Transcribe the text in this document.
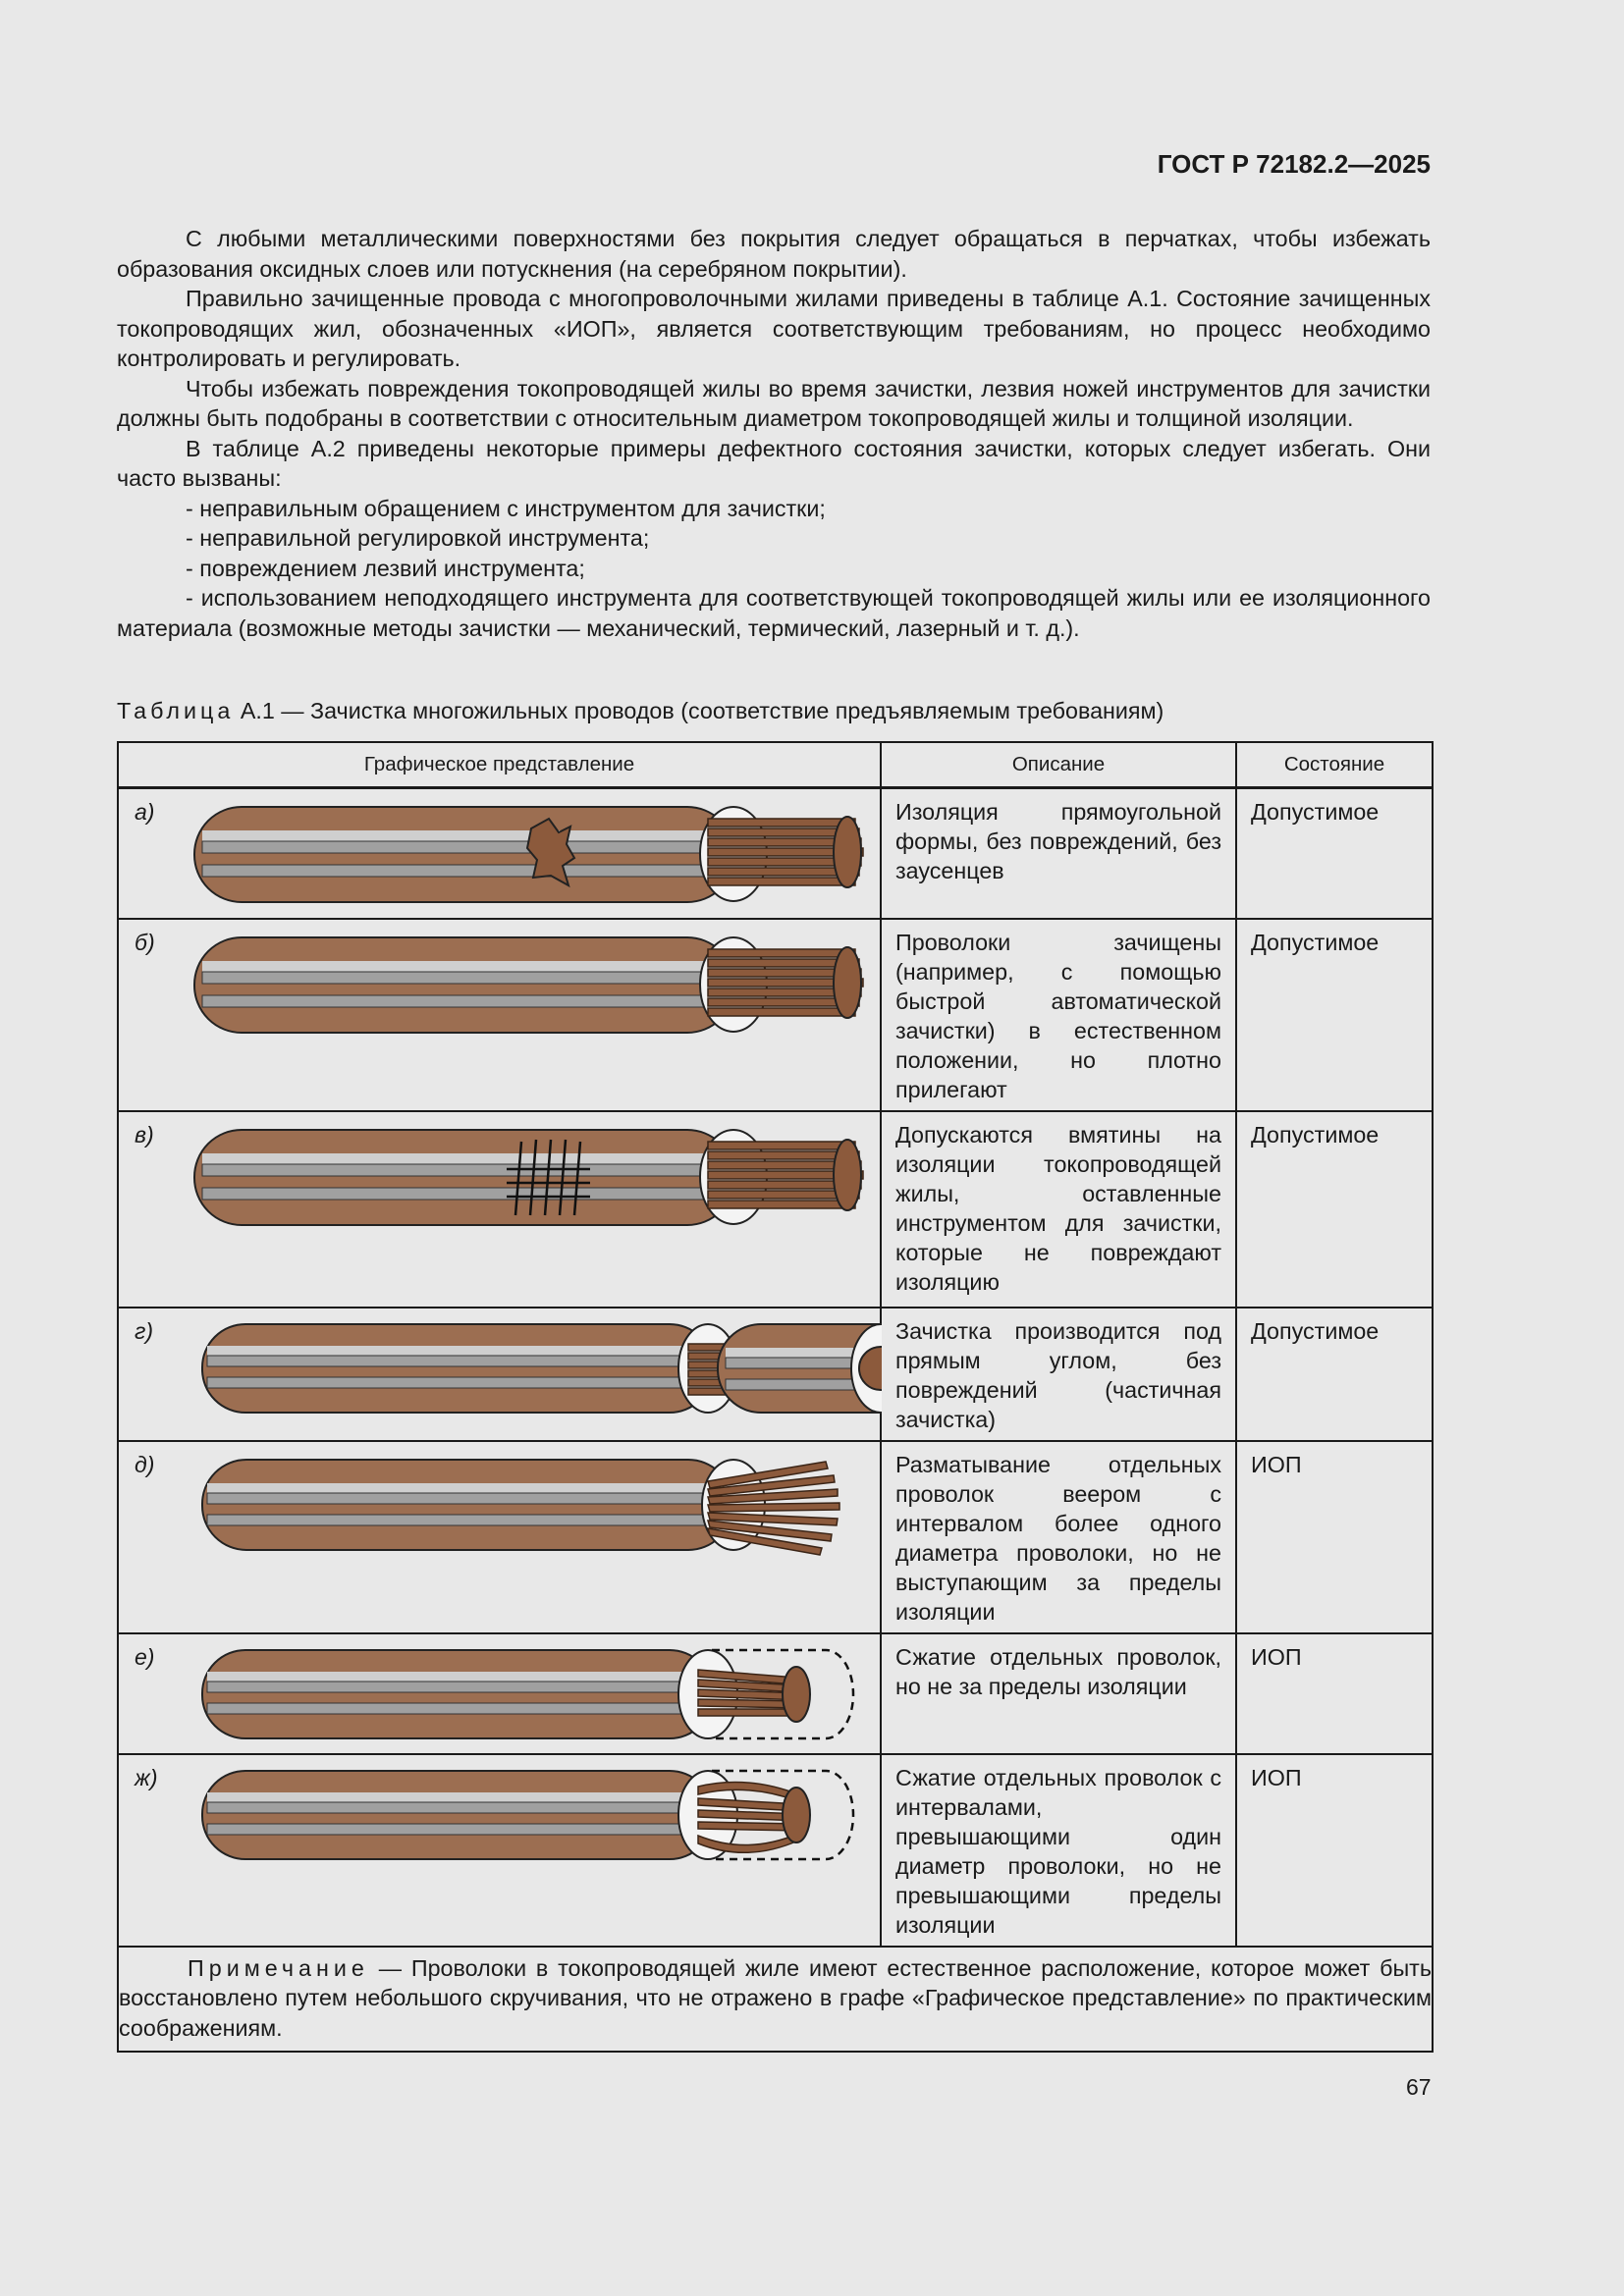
ГОСТ Р 72182.2—2025

С любыми металлическими поверхностями без покрытия следует обращаться в перчатках, чтобы избежать образования оксидных слоев или потускнения (на серебряном покрытии).

Правильно зачищенные провода с многопроволочными жилами приведены в таблице А.1. Состояние зачищенных токопроводящих жил, обозначенных «ИОП», является соответствующим требованиям, но процесс необходимо контролировать и регулировать.

Чтобы избежать повреждения токопроводящей жилы во время зачистки, лезвия ножей инструментов для зачистки должны быть подобраны в соответствии с относительным диаметром токопроводящей жилы и толщиной изоляции.

В таблице А.2 приведены некоторые примеры дефектного состояния зачистки, которых следует избегать. Они часто вызваны:

- неправильным обращением с инструментом для зачистки;

- неправильной регулировкой инструмента;

- повреждением лезвий инструмента;

- использованием неподходящего инструмента для соответствующей токопроводящей жилы или ее изоляционного материала (возможные методы зачистки — механический, термический, лазерный и т. д.).

Таблица А.1 — Зачистка многожильных проводов (соответствие предъявляемым требованиям)
Графическое представление	Описание	Состояние

а)	Изоляция прямоугольной формы, без повреждений, без заусенцев	Допустимое

б)	Проволоки зачищены (например, с помощью быстрой автоматической зачистки) в естественном положении, но плотно прилегают	Допустимое

в)	Допускаются вмятины на изоляции токопроводящей жилы, оставленные инструментом для зачистки, которые не повреждают изоляцию	Допустимое

г)	Зачистка производится под прямым углом, без повреждений (частичная зачистка)	Допустимое

д)	Разматывание отдельных проволок веером с интервалом более одного диаметра проволоки, но не выступающим за пределы изоляции	ИОП

е)	Сжатие отдельных проволок, но не за пределы изоляции	ИОП

ж)	Сжатие отдельных проволок с интервалами, превышающими один диаметр проволоки, но не превышающими пределы изоляции	ИОП

Примечание — Проволоки в токопроводящей жиле имеют естественное расположение, которое может быть восстановлено путем небольшого скручивания, что не отражено в графе «Графическое представление» по практическим соображениям.		

67
